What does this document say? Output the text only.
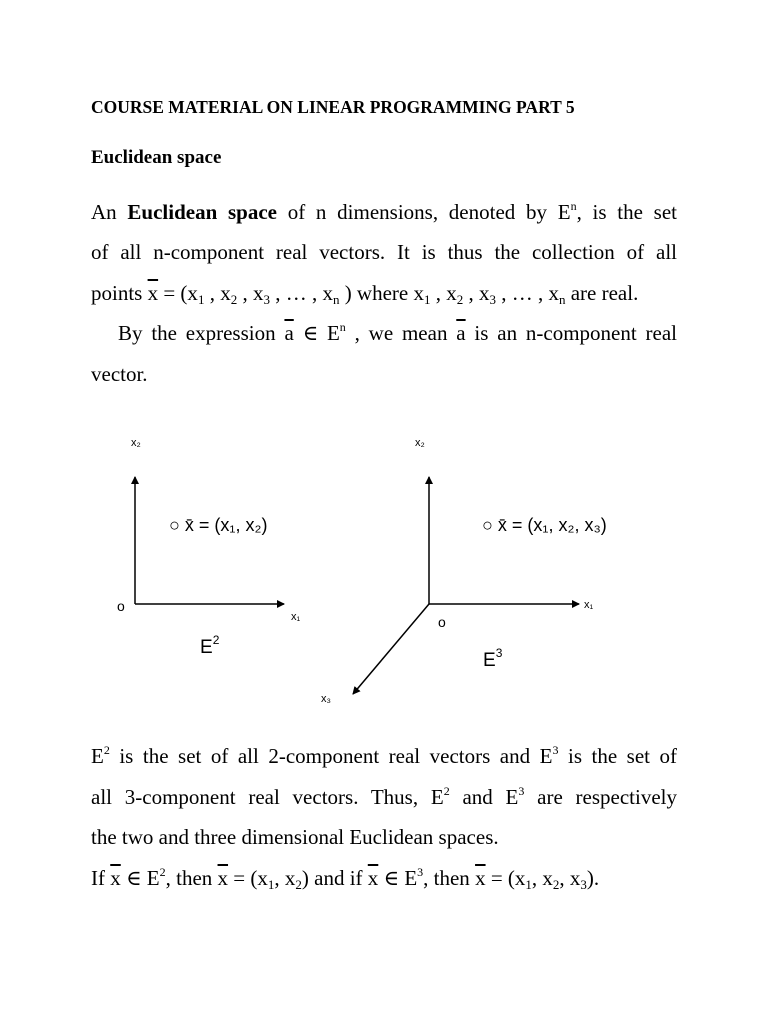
COURSE MATERIAL ON LINEAR PROGRAMMING PART 5
Euclidean space
An Euclidean space of n dimensions, denoted by $E^n$, is the set
of all n-component real vectors. It is thus the collection of all
points $\overline{x} = (x_1$ , $x_2$ , $x_3$ , … , $x_n$ ) where $x_1$ , $x_2$ , $x_3$ , … , $x_n$ are real.
By the expression $\overline{a}$ ∈ $E^n$ , we mean $\overline{a}$ is an n-component real
vector.
x₂
x₁
o
○ x̄ = (x₁, x₂)
$E^2$
x₂
x₁
x₃
o
○ x̄ = (x₁, x₂, x₃)
$E^3$
$E^2$ is the set of all 2-component real vectors and $E^3$ is the set of
all 3-component real vectors. Thus, $E^2$ and $E^3$ are respectively
the two and three dimensional Euclidean spaces.
If $\overline{x}$ ∈ $E^2$, then $\overline{x} = (x_1$, $x_2$) and if $\overline{x}$ ∈ $E^3$, then $\overline{x} = (x_1$, $x_2$, $x_3$).
